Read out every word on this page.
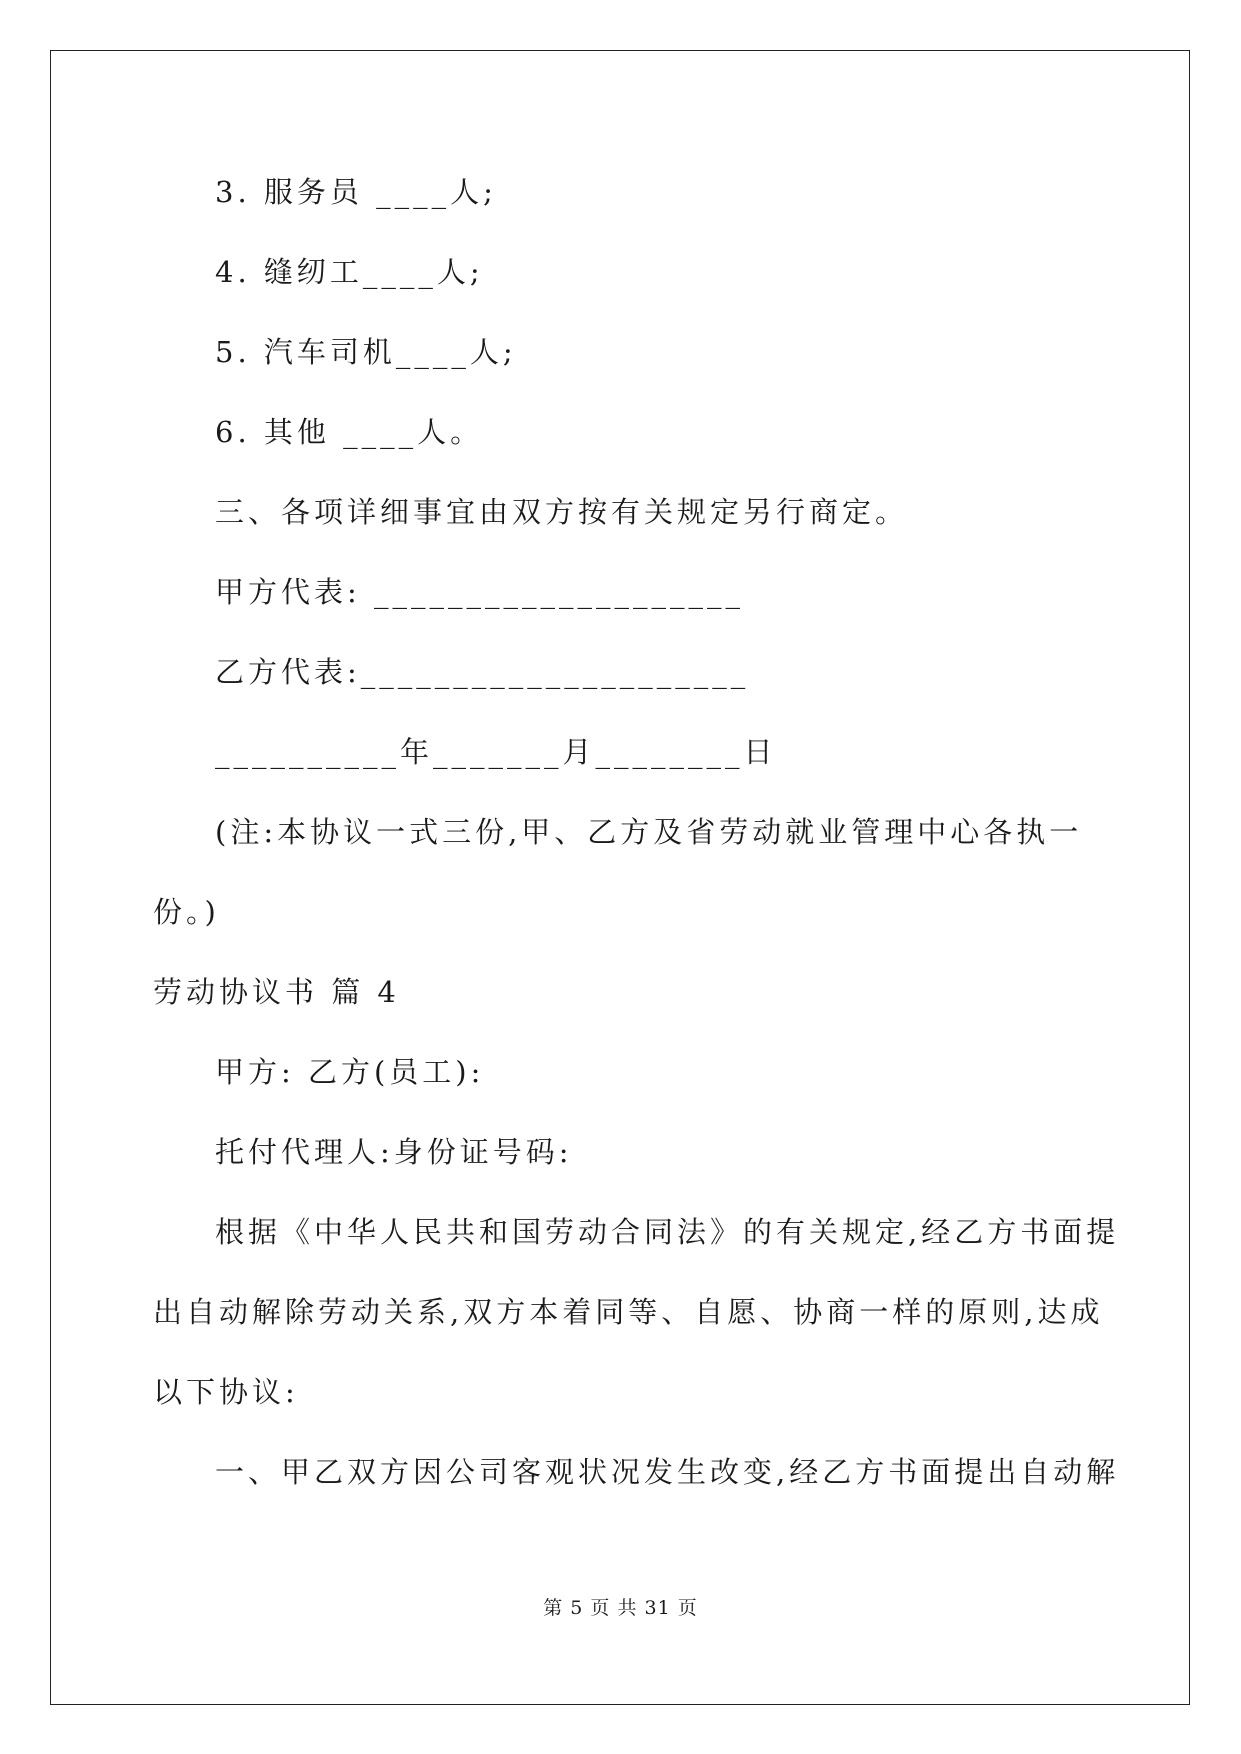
3. 服务员 ____人;
4. 缝纫工____人;
5. 汽车司机____人;
6. 其他 ____人。
三、各项详细事宜由双方按有关规定另行商定。
甲方代表: ____________________
乙方代表:_____________________
__________年_______月________日
(注:本协议一式三份,甲、乙方及省劳动就业管理中心各执一
份。)
劳动协议书 篇 4
甲方: 乙方(员工):
托付代理人:身份证号码:
根据《中华人民共和国劳动合同法》的有关规定,经乙方书面提
出自动解除劳动关系,双方本着同等、自愿、协商一样的原则,达成
以下协议:
一、甲乙双方因公司客观状况发生改变,经乙方书面提出自动解
第 5 页 共 31 页
